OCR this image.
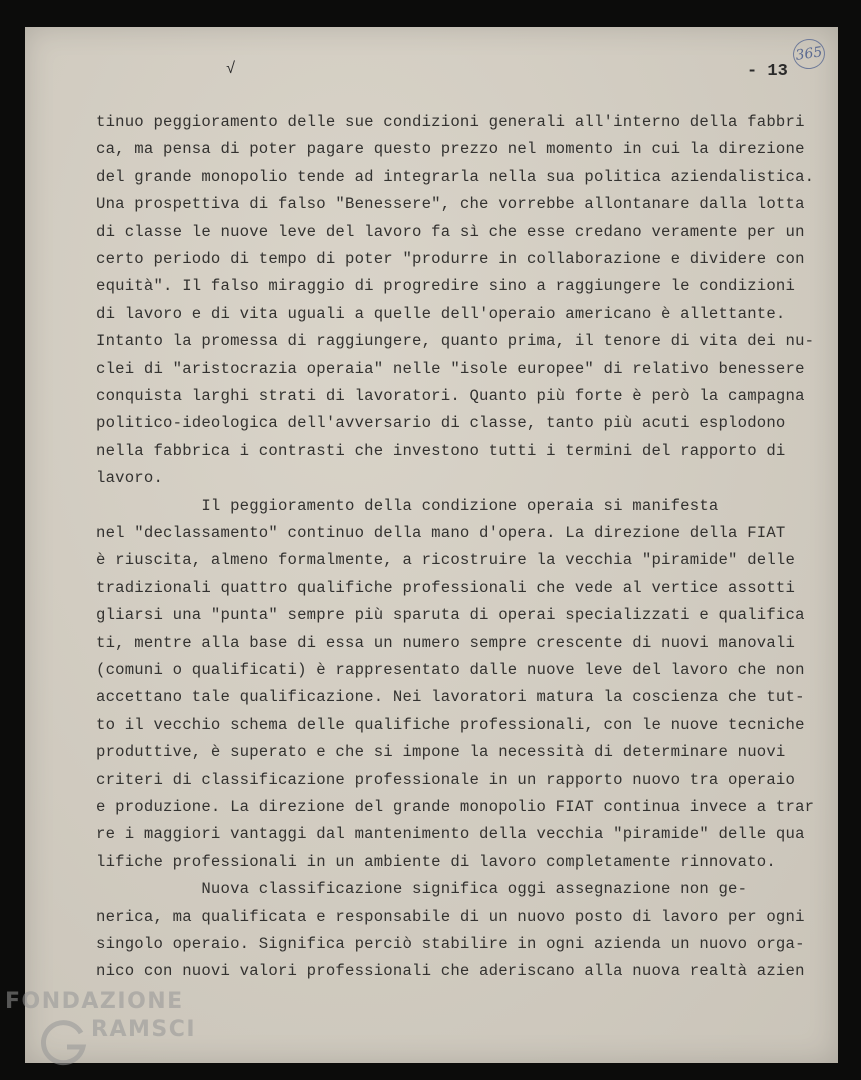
√	- 13
365
tinuo peggioramento delle sue condizioni generali all'interno della fabbri
ca, ma pensa di poter pagare questo prezzo nel momento in cui la direzione
del grande monopolio tende ad integrarla nella sua politica aziendalistica.
Una prospettiva di falso "Benessere", che vorrebbe allontanare dalla lotta
di classe le nuove leve del lavoro fa sì che esse credano veramente per un
certo periodo di tempo di poter "produrre in collaborazione e dividere con
equità". Il falso miraggio di progredire sino a raggiungere le condizioni
di lavoro e di vita uguali a quelle dell'operaio americano è allettante.
Intanto la promessa di raggiungere, quanto prima, il tenore di vita dei nu-
clei di "aristocrazia operaia" nelle "isole europee" di relativo benessere
conquista larghi strati di lavoratori. Quanto più forte è però la campagna
politico-ideologica dell'avversario di classe, tanto più acuti esplodono
nella fabbrica i contrasti che investono tutti i termini del rapporto di
lavoro.
Il peggioramento della condizione operaia si manifesta
nel "declassamento" continuo della mano d'opera. La direzione della FIAT
è riuscita, almeno formalmente, a ricostruire la vecchia "piramide" delle
tradizionali quattro qualifiche professionali che vede al vertice assotti
gliarsi una "punta" sempre più sparuta di operai specializzati e qualifica
ti, mentre alla base di essa un numero sempre crescente di nuovi manovali
(comuni o qualificati) è rappresentato dalle nuove leve del lavoro che non
accettano tale qualificazione. Nei lavoratori matura la coscienza che tut-
to il vecchio schema delle qualifiche professionali, con le nuove tecniche
produttive, è superato e che si impone la necessità di determinare nuovi
criteri di classificazione professionale in un rapporto nuovo tra operaio
e produzione. La direzione del grande monopolio FIAT continua invece a trar
re i maggiori vantaggi dal mantenimento della vecchia "piramide" delle qua
lifiche professionali in un ambiente di lavoro completamente rinnovato.
Nuova classificazione significa oggi assegnazione non ge-
nerica, ma qualificata e responsabile di un nuovo posto di lavoro per ogni
singolo operaio. Significa perciò stabilire in ogni azienda un nuovo orga-
nico con nuovi valori professionali che aderiscano alla nuova realtà azien
FONDAZIONE
RAMSCI
